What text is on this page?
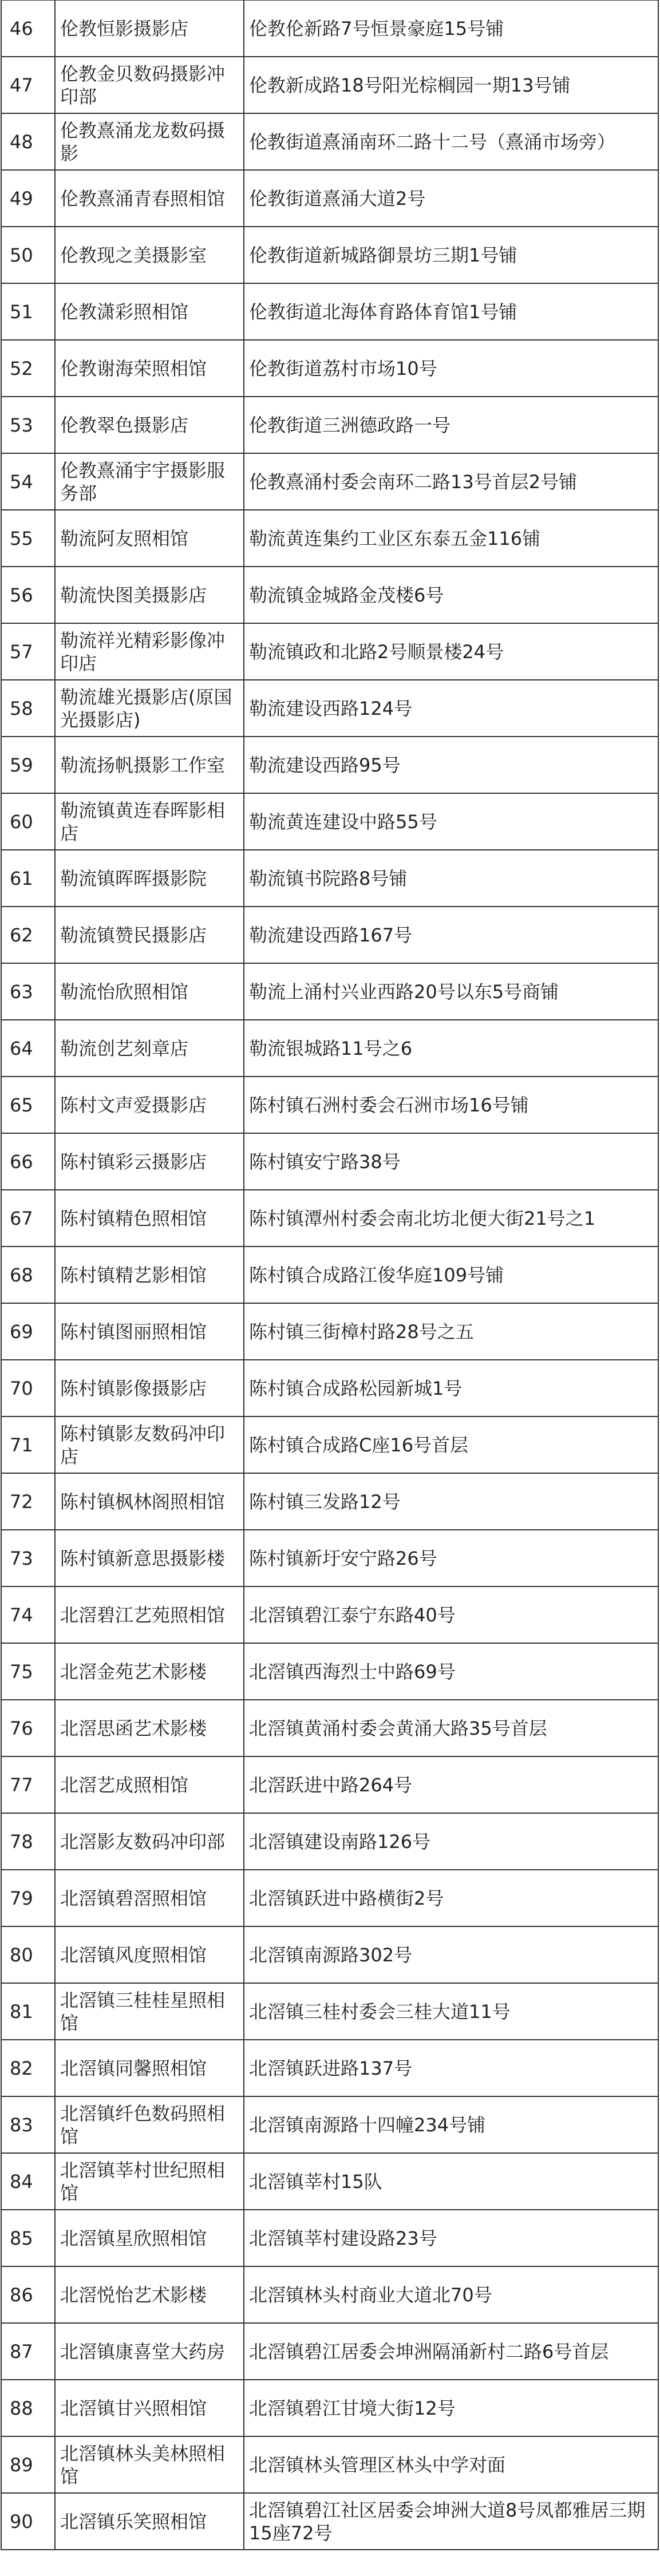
46	伦教恒影摄影店	伦教伦新路7号恒景豪庭15号铺
47	伦教金贝数码摄影冲印部	伦教新成路18号阳光棕榈园一期13号铺
48	伦教熹涌龙龙数码摄影	伦教街道熹涌南环二路十二号（熹涌市场旁）
49	伦教熹涌青春照相馆	伦教街道熹涌大道2号
50	伦教现之美摄影室	伦教街道新城路御景坊三期1号铺
51	伦教潇彩照相馆	伦教街道北海体育路体育馆1号铺
52	伦教谢海荣照相馆	伦教街道荔村市场10号
53	伦教翠色摄影店	伦教街道三洲德政路一号
54	伦教熹涌宇宇摄影服务部	伦教熹涌村委会南环二路13号首层2号铺
55	勒流阿友照相馆	勒流黄连集约工业区东泰五金116铺
56	勒流快图美摄影店	勒流镇金城路金茂楼6号
57	勒流祥光精彩影像冲印店	勒流镇政和北路2号顺景楼24号
58	勒流雄光摄影店(原国光摄影店)	勒流建设西路124号
59	勒流扬帆摄影工作室	勒流建设西路95号
60	勒流镇黄连春晖影相店	勒流黄连建设中路55号
61	勒流镇晖晖摄影院	勒流镇书院路8号铺
62	勒流镇赞民摄影店	勒流建设西路167号
63	勒流怡欣照相馆	勒流上涌村兴业西路20号以东5号商铺
64	勒流创艺刻章店	勒流银城路11号之6
65	陈村文声爱摄影店	陈村镇石洲村委会石洲市场16号铺
66	陈村镇彩云摄影店	陈村镇安宁路38号
67	陈村镇精色照相馆	陈村镇潭州村委会南北坊北便大街21号之1
68	陈村镇精艺影相馆	陈村镇合成路江俊华庭109号铺
69	陈村镇图丽照相馆	陈村镇三街樟村路28号之五
70	陈村镇影像摄影店	陈村镇合成路松园新城1号
71	陈村镇影友数码冲印店	陈村镇合成路C座16号首层
72	陈村镇枫林阁照相馆	陈村镇三发路12号
73	陈村镇新意思摄影楼	陈村镇新圩安宁路26号
74	北滘碧江艺苑照相馆	北滘镇碧江泰宁东路40号
75	北滘金苑艺术影楼	北滘镇西海烈士中路69号
76	北滘思函艺术影楼	北滘镇黄涌村委会黄涌大路35号首层
77	北滘艺成照相馆	北滘跃进中路264号
78	北滘影友数码冲印部	北滘镇建设南路126号
79	北滘镇碧滘照相馆	北滘镇跃进中路横街2号
80	北滘镇风度照相馆	北滘镇南源路302号
81	北滘镇三桂桂星照相馆	北滘镇三桂村委会三桂大道11号
82	北滘镇同馨照相馆	北滘镇跃进路137号
83	北滘镇纤色数码照相馆	北滘镇南源路十四幢234号铺
84	北滘镇莘村世纪照相馆	北滘镇莘村15队
85	北滘镇星欣照相馆	北滘镇莘村建设路23号
86	北滘悦怡艺术影楼	北滘镇林头村商业大道北70号
87	北滘镇康喜堂大药房	北滘镇碧江居委会坤洲隔涌新村二路6号首层
88	北滘镇甘兴照相馆	北滘镇碧江甘境大街12号
89	北滘镇林头美林照相馆	北滘镇林头管理区林头中学对面
90	北滘镇乐笑照相馆	北滘镇碧江社区居委会坤洲大道8号凤都雅居三期15座72号
